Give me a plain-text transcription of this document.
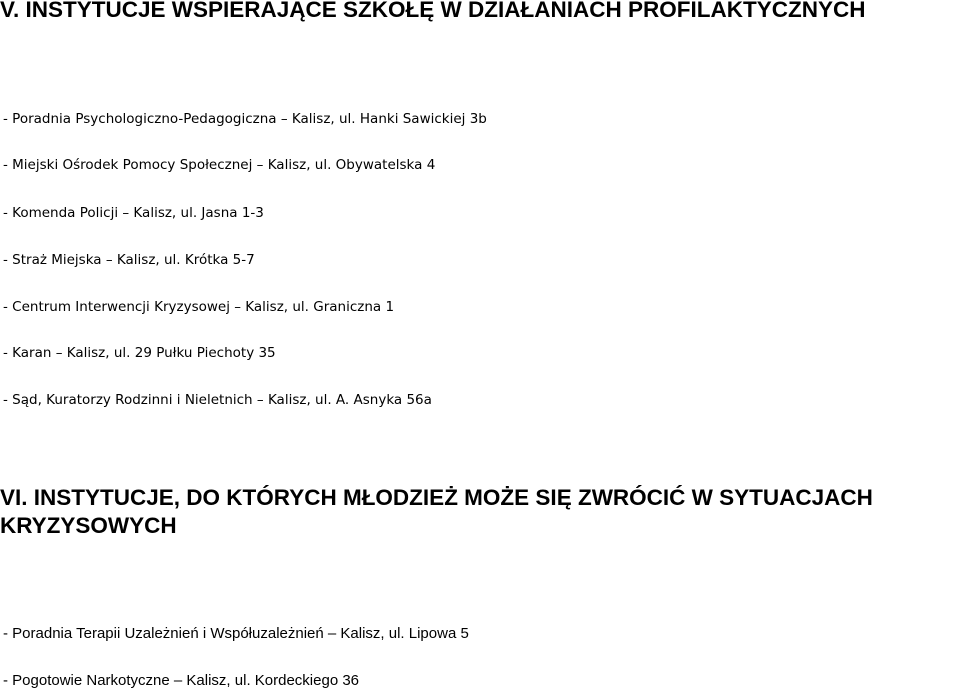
V. INSTYTUCJE WSPIERAJĄCE SZKOŁĘ W DZIAŁANIACH PROFILAKTYCZNYCH

- Poradnia Psychologiczno-Pedagogiczna – Kalisz, ul. Hanki Sawickiej 3b

- Miejski Ośrodek Pomocy Społecznej – Kalisz, ul. Obywatelska 4

- Komenda Policji – Kalisz, ul. Jasna 1-3

- Straż Miejska – Kalisz, ul. Krótka 5-7

- Centrum Interwencji Kryzysowej – Kalisz, ul. Graniczna 1

- Karan – Kalisz, ul. 29 Pułku Piechoty 35

- Sąd, Kuratorzy Rodzinni i Nieletnich – Kalisz, ul. A. Asnyka 56a

VI. INSTYTUCJE, DO KTÓRYCH MŁODZIEŻ MOŻE SIĘ ZWRÓCIĆ W SYTUACJACH KRYZYSOWYCH

- Poradnia Terapii Uzależnień i Współuzależnień – Kalisz, ul. Lipowa 5

- Pogotowie Narkotyczne – Kalisz, ul. Kordeckiego 36
